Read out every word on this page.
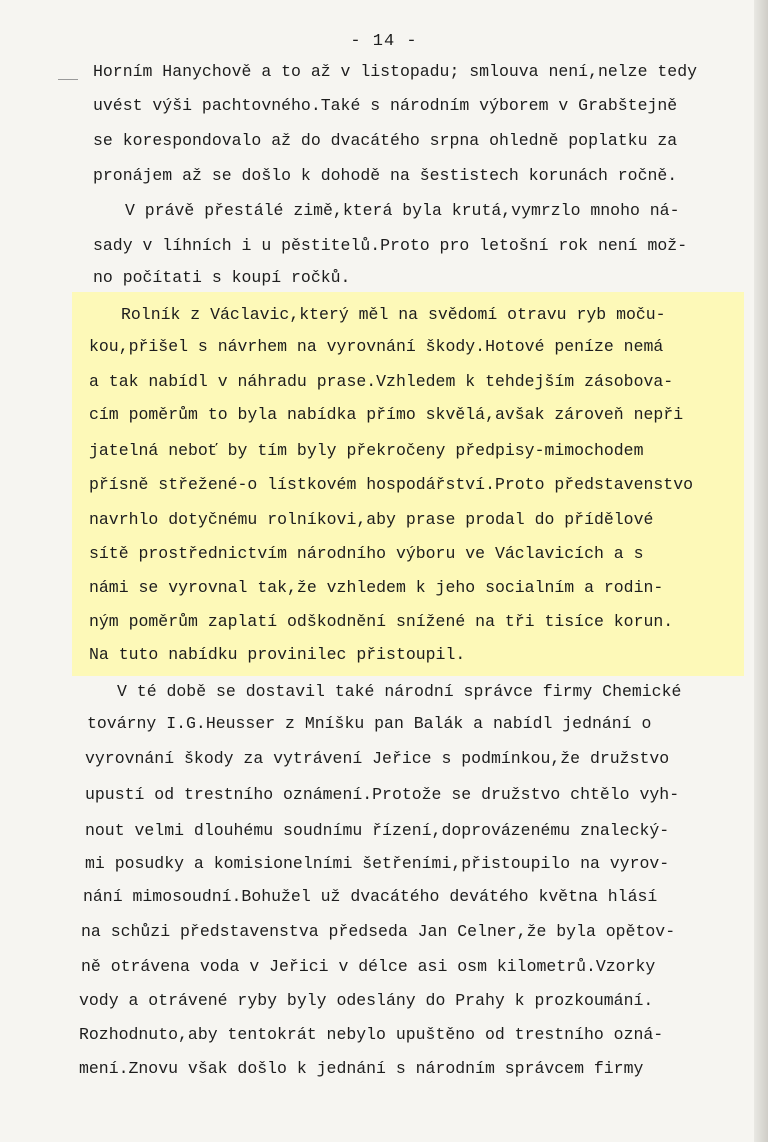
- 14 -
Horním Hanychově a to až v listopadu; smlouva není,nelze tedy
uvést výši pachtovného.Také s národním výborem v Grabštejně
se korespondovalo až do dvacátého srpna ohledně poplatku za
pronájem až se došlo k dohodě na šestistech korunách ročně.
V právě přestálé zimě,která byla krutá,vymrzlo mnoho ná-
sady v líhních i u pěstitelů.Proto pro letošní rok není mož-
no počítati s koupí ročků.
Rolník z Václavic,který měl na svědomí otravu ryb moču-
kou,přišel s návrhem na vyrovnání škody.Hotové peníze nemá
a tak nabídl v náhradu prase.Vzhledem k tehdejším zásobova-
cím poměrům to byla nabídka přímo skvělá,avšak zároveň nepři
jatelná neboť by tím byly překročeny předpisy-mimochodem
přísně střežené-o lístkovém hospodářství.Proto představenstvo
navrhlo dotyčnému rolníkovi,aby prase prodal do přídělové
sítě prostřednictvím národního výboru ve Václavicích a s
námi se vyrovnal tak,že vzhledem k jeho socialním a rodin-
ným poměrům zaplatí odškodnění snížené na tři tisíce korun.
Na tuto nabídku provinilec přistoupil.
V té době se dostavil také národní správce firmy Chemické
továrny I.G.Heusser z Mníšku pan Balák a nabídl jednání o
vyrovnání škody za vytrávení Jeřice s podmínkou,že družstvo
upustí od trestního oznámení.Protože se družstvo chtělo vyh-
nout velmi dlouhému soudnímu řízení,doprovázenému znalecký-
mi posudky a komisionelními šetřeními,přistoupilo na vyrov-
nání mimosoudní.Bohužel už dvacátého devátého května hlásí
na schůzi představenstva předseda Jan Celner,že byla opětov-
ně otrávena voda v Jeřici v délce asi osm kilometrů.Vzorky
vody a otrávené ryby byly odeslány do Prahy k prozkoumání.
Rozhodnuto,aby tentokrát nebylo upuštěno od trestního ozná-
mení.Znovu však došlo k jednání s národním správcem firmy
